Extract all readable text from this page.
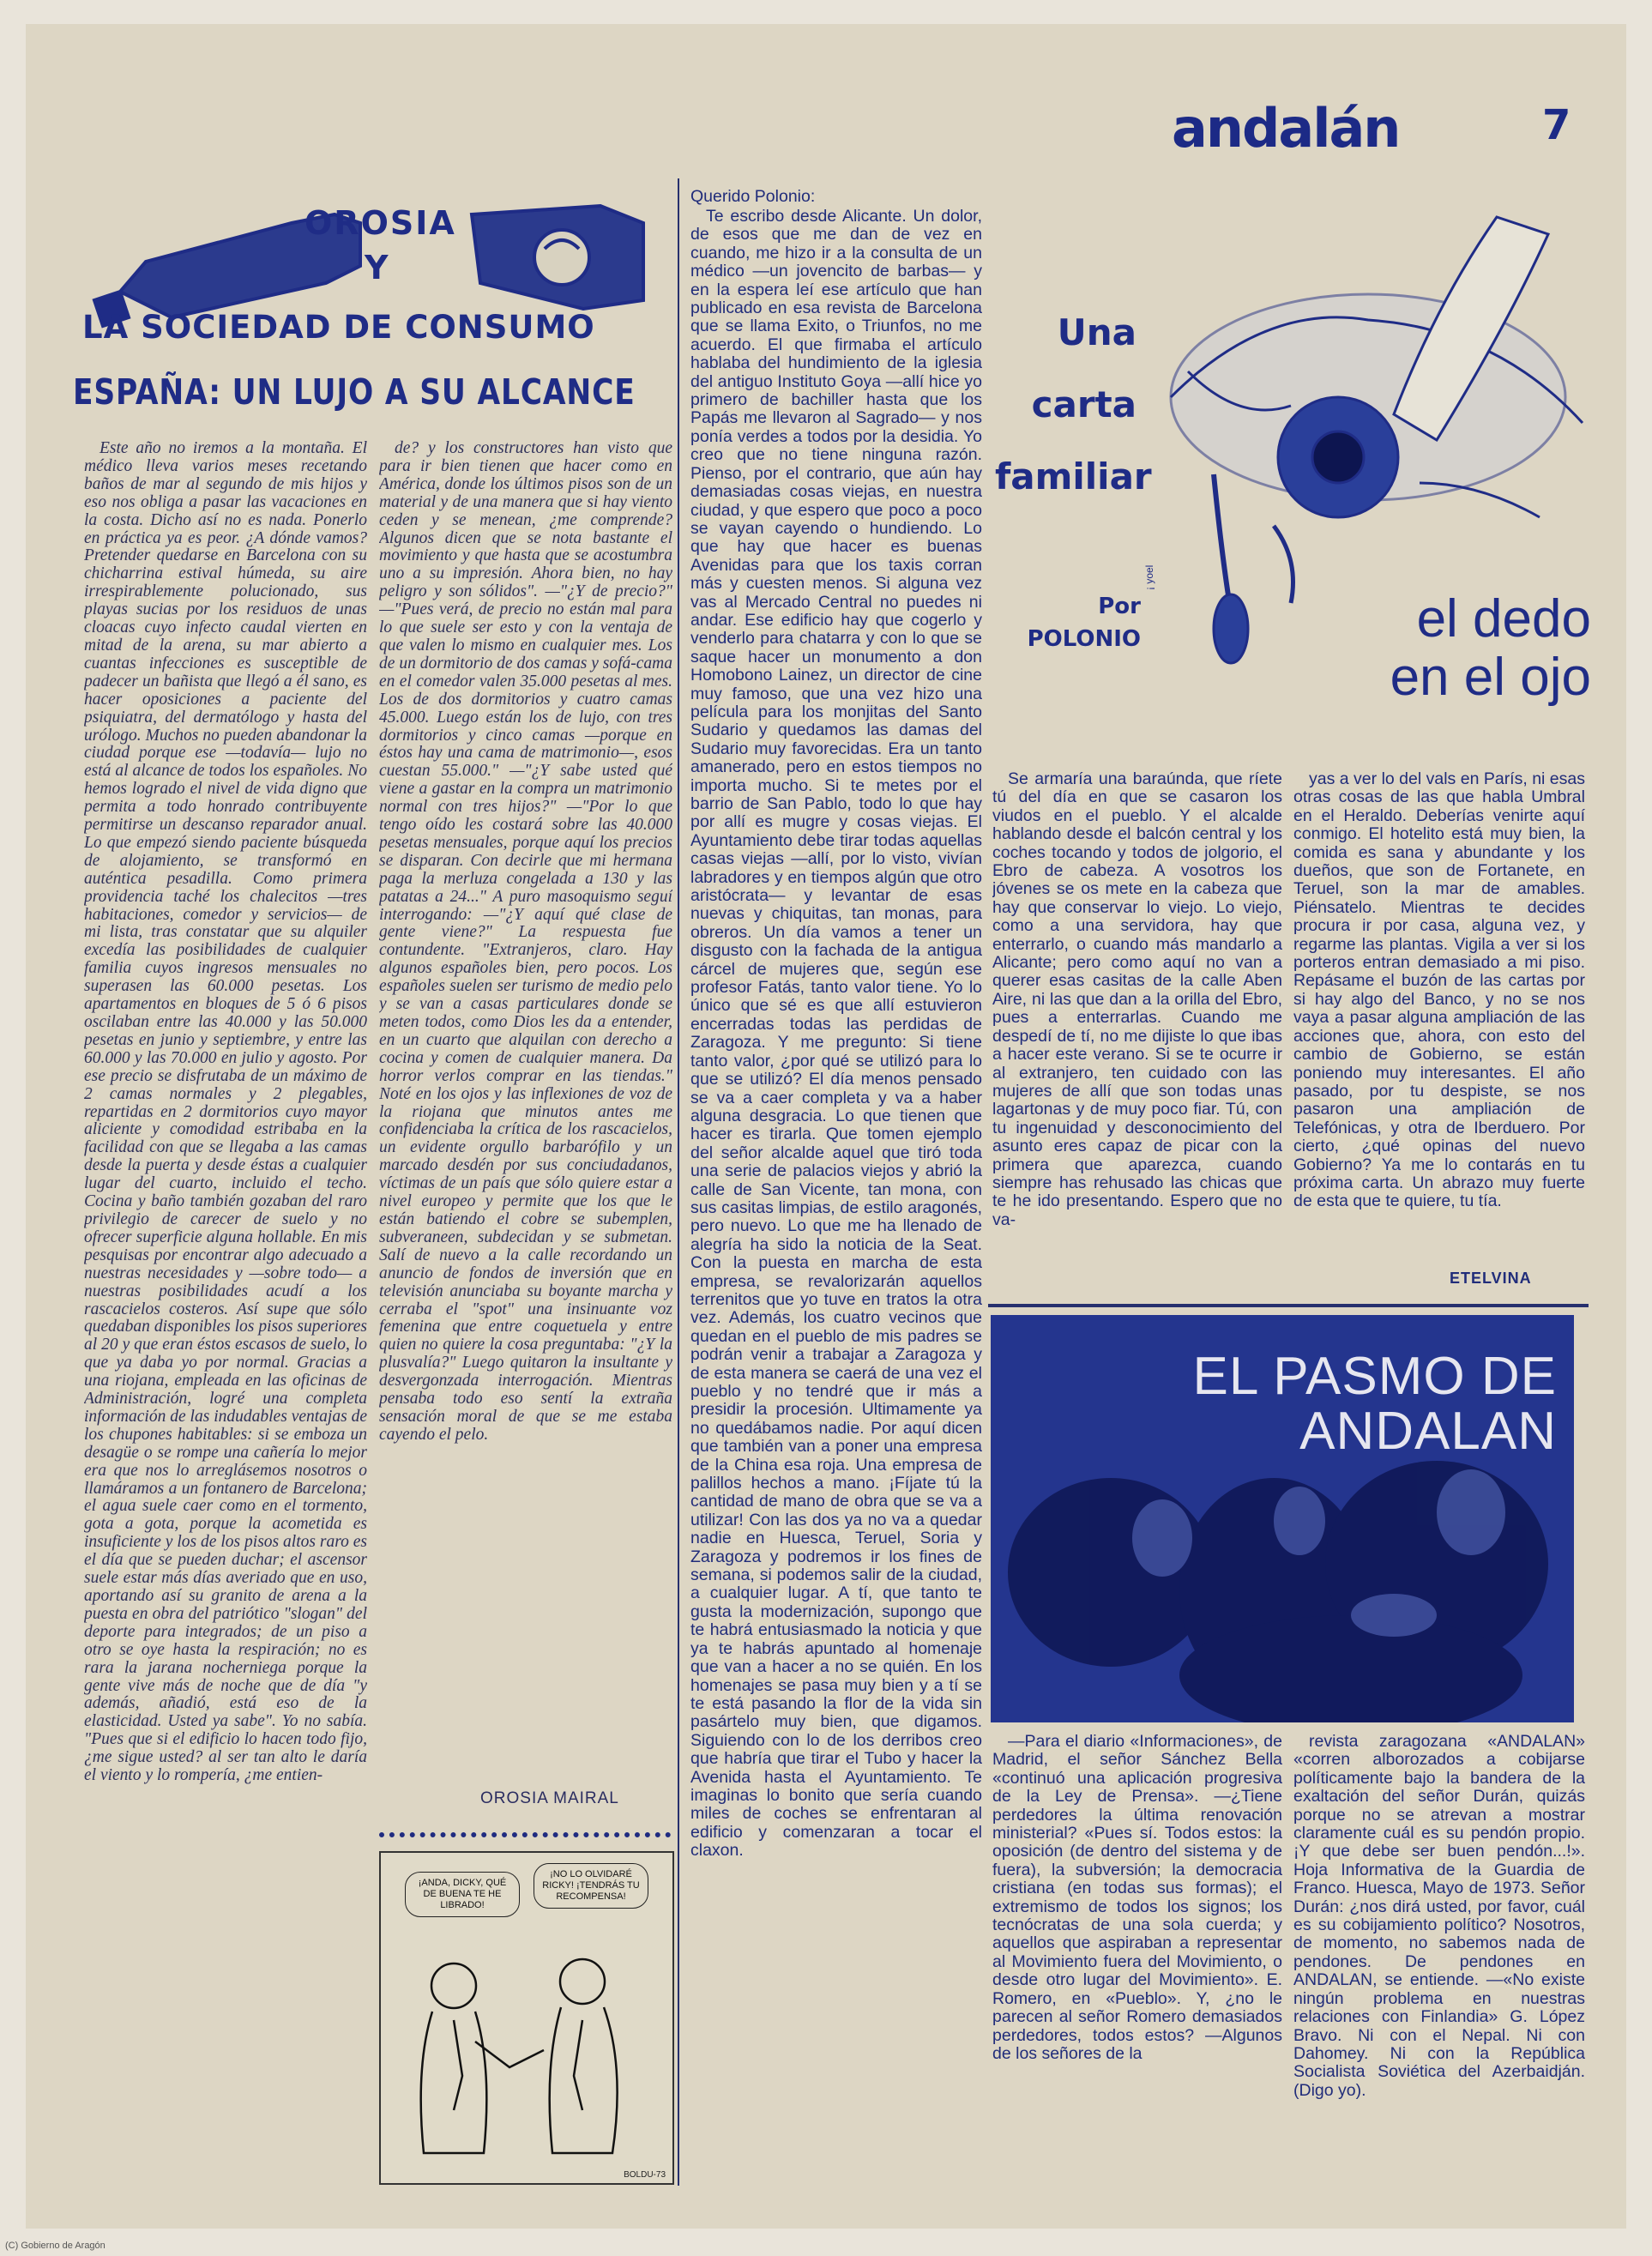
andalán	7
OROSIA
Y
LA SOCIEDAD DE CONSUMO
ESPAÑA: UN LUJO A SU ALCANCE

Este año no iremos a la montaña. El médico lleva varios meses recetando baños de mar al segundo de mis hijos y eso nos obliga a pasar las vacaciones en la costa. Dicho así no es nada. Ponerlo en práctica ya es peor. ¿A dónde vamos? Pretender quedarse en Barcelona con su chicharrina estival húmeda, su aire irrespirablemente polucionado, sus playas sucias por los residuos de unas cloacas cuyo infecto caudal vierten en mitad de la arena, su mar abierto a cuantas infecciones es susceptible de padecer un bañista que llegó a él sano, es hacer oposiciones a paciente del psiquiatra, del dermatólogo y hasta del urólogo. Muchos no pueden abandonar la ciudad porque ese —todavía— lujo no está al alcance de todos los españoles. No hemos logrado el nivel de vida digno que permita a todo honrado contribuyente permitirse un descanso reparador anual. Lo que empezó siendo paciente búsqueda de alojamiento, se transformó en auténtica pesadilla. Como primera providencia taché los chalecitos —tres habitaciones, comedor y servicios— de mi lista, tras constatar que su alquiler excedía las posibilidades de cualquier familia cuyos ingresos mensuales no superasen las 60.000 pesetas. Los apartamentos en bloques de 5 ó 6 pisos oscilaban entre las 40.000 y las 50.000 pesetas en junio y septiembre, y entre las 60.000 y las 70.000 en julio y agosto. Por ese precio se disfrutaba de un máximo de 2 camas normales y 2 plegables, repartidas en 2 dormitorios cuyo mayor aliciente y comodidad estribaba en la facilidad con que se llegaba a las camas desde la puerta y desde éstas a cualquier lugar del cuarto, incluido el techo. Cocina y baño también gozaban del raro privilegio de carecer de suelo y no ofrecer superficie alguna hollable. En mis pesquisas por encontrar algo adecuado a nuestras necesidades y —sobre todo— a nuestras posibilidades acudí a los rascacielos costeros. Así supe que sólo quedaban disponibles los pisos superiores al 20 y que eran éstos escasos de suelo, lo que ya daba yo por normal. Gracias a una riojana, empleada en las oficinas de Administración, logré una completa información de las indudables ventajas de los chupones habitables: si se emboza un desagüe o se rompe una cañería lo mejor era que nos lo arreglásemos nosotros o llamáramos a un fontanero de Barcelona; el agua suele caer como en el tormento, gota a gota, porque la acometida es insuficiente y los de los pisos altos raro es el día que se pueden duchar; el ascensor suele estar más días averiado que en uso, aportando así su granito de arena a la puesta en obra del patriótico "slogan" del deporte para integrados; de un piso a otro se oye hasta la respiración; no es rara la jarana nocherniega porque la gente vive más de noche que de día "y además, añadió, está eso de la elasticidad. Usted ya sabe". Yo no sabía. "Pues que si el edificio lo hacen todo fijo, ¿me sigue usted? al ser tan alto le daría el viento y lo rompería, ¿me entien-

de? y los constructores han visto que para ir bien tienen que hacer como en América, donde los últimos pisos son de un material y de una manera que si hay viento ceden y se menean, ¿me comprende? Algunos dicen que se nota bastante el movimiento y que hasta que se acostumbra uno a su impresión. Ahora bien, no hay peligro y son sólidos". —"¿Y de precio?" —"Pues verá, de precio no están mal para lo que suele ser esto y con la ventaja de que valen lo mismo en cualquier mes. Los de un dormitorio de dos camas y sofá-cama en el comedor valen 35.000 pesetas al mes. Los de dos dormitorios y cuatro camas 45.000. Luego están los de lujo, con tres dormitorios y cinco camas —porque en éstos hay una cama de matrimonio—, esos cuestan 55.000." —"¿Y sabe usted qué viene a gastar en la compra un matrimonio normal con tres hijos?" —"Por lo que tengo oído les costará sobre las 40.000 pesetas mensuales, porque aquí los precios se disparan. Con decirle que mi hermana paga la merluza congelada a 130 y las patatas a 24..." A puro masoquismo seguí interrogando: —"¿Y aquí qué clase de gente viene?" La respuesta fue contundente. "Extranjeros, claro. Hay algunos españoles bien, pero pocos. Los españoles suelen ser turismo de medio pelo y se van a casas particulares donde se meten todos, como Dios les da a entender, en un cuarto que alquilan con derecho a cocina y comen de cualquier manera. Da horror verlos comprar en las tiendas." Noté en los ojos y las inflexiones de voz de la riojana que minutos antes me confidenciaba la crítica de los rascacielos, un evidente orgullo barbarófilo y un marcado desdén por sus conciudadanos, víctimas de un país que sólo quiere estar a nivel europeo y permite que los que le están batiendo el cobre se subemplen, subveraneen, subdecidan y se submetan. Salí de nuevo a la calle recordando un anuncio de fondos de inversión que en televisión anunciaba su boyante marcha y cerraba el "spot" una insinuante voz femenina que entre coquetuela y entre quien no quiere la cosa preguntaba: "¿Y la plusvalía?" Luego quitaron la insultante y desvergonzada interrogación. Mientras pensaba todo eso sentí la extraña sensación moral de que se me estaba cayendo el pelo.

OROSIA MAIRAL
¡ANDA, DICKY, QUÉ DE BUENA TE HE LIBRADO!
¡NO LO OLVIDARÉ RICKY! ¡TENDRÁS TU RECOMPENSA!
BOLDU-73
Querido Polonio:

Te escribo desde Alicante. Un dolor, de esos que me dan de vez en cuando, me hizo ir a la consulta de un médico —un jovencito de barbas— y en la espera leí ese artículo que han publicado en esa revista de Barcelona que se llama Exito, o Triunfos, no me acuerdo. El que firmaba el artículo hablaba del hundimiento de la iglesia del antiguo Instituto Goya —allí hice yo primero de bachiller hasta que los Papás me llevaron al Sagrado— y nos ponía verdes a todos por la desidia. Yo creo que no tiene ninguna razón. Pienso, por el contrario, que aún hay demasiadas cosas viejas, en nuestra ciudad, y que espero que poco a poco se vayan cayendo o hundiendo. Lo que hay que hacer es buenas Avenidas para que los taxis corran más y cuesten menos. Si alguna vez vas al Mercado Central no puedes ni andar. Ese edificio hay que cogerlo y venderlo para chatarra y con lo que se saque hacer un monumento a don Homobono Lainez, un director de cine muy famoso, que una vez hizo una película para los monjitas del Santo Sudario y quedamos las damas del Sudario muy favorecidas. Era un tanto amanerado, pero en estos tiempos no importa mucho. Si te metes por el barrio de San Pablo, todo lo que hay por allí es mugre y cosas viejas. El Ayuntamiento debe tirar todas aquellas casas viejas —allí, por lo visto, vivían labradores y en tiempos algún que otro aristócrata— y levantar de esas nuevas y chiquitas, tan monas, para obreros. Un día vamos a tener un disgusto con la fachada de la antigua cárcel de mujeres que, según ese profesor Fatás, tanto valor tiene. Yo lo único que sé es que allí estuvieron encerradas todas las perdidas de Zaragoza. Y me pregunto: Si tiene tanto valor, ¿por qué se utilizó para lo que se utilizó? El día menos pensado se va a caer completa y va a haber alguna desgracia. Lo que tienen que hacer es tirarla. Que tomen ejemplo del señor alcalde aquel que tiró toda una serie de palacios viejos y abrió la calle de San Vicente, tan mona, con sus casitas limpias, de estilo aragonés, pero nuevo. Lo que me ha llenado de alegría ha sido la noticia de la Seat. Con la puesta en marcha de esta empresa, se revalorizarán aquellos terrenitos que yo tuve en tratos la otra vez. Además, los cuatro vecinos que quedan en el pueblo de mis padres se podrán venir a trabajar a Zaragoza y de esta manera se caerá de una vez el pueblo y no tendré que ir más a presidir la procesión. Ultimamente ya no quedábamos nadie. Por aquí dicen que también van a poner una empresa de la China esa roja. Una empresa de palillos hechos a mano. ¡Fíjate tú la cantidad de mano de obra que se va a utilizar! Con las dos ya no va a quedar nadie en Huesca, Teruel, Soria y Zaragoza y podremos ir los fines de semana, si podemos salir de la ciudad, a cualquier lugar. A tí, que tanto te gusta la modernización, supongo que te habrá entusiasmado la noticia y que ya te habrás apuntado al homenaje que van a hacer a no se quién. En los homenajes se pasa muy bien y a tí se te está pasando la flor de la vida sin pasártelo muy bien, que digamos. Siguiendo con lo de los derribos creo que habría que tirar el Tubo y hacer la Avenida hasta el Ayuntamiento. Te imaginas lo bonito que sería cuando miles de coches se enfrentaran al edificio y comenzaran a tocar el claxon.

Una
carta
familiar
Por
POLONIO
¡ yoel
el dedo
en el ojo

Se armaría una baraúnda, que ríete tú del día en que se casaron los viudos en el pueblo. Y el alcalde hablando desde el balcón central y los coches tocando y todos de jolgorio, el Ebro de cabeza. A vosotros los jóvenes se os mete en la cabeza que hay que conservar lo viejo. Lo viejo, como a una servidora, hay que enterrarlo, o cuando más mandarlo a Alicante; pero como aquí no van a querer esas casitas de la calle Aben Aire, ni las que dan a la orilla del Ebro, pues a enterrarlas. Cuando me despedí de tí, no me dijiste lo que ibas a hacer este verano. Si se te ocurre ir al extranjero, ten cuidado con las mujeres de allí que son todas unas lagartonas y de muy poco fiar. Tú, con tu ingenuidad y desconocimiento del asunto eres capaz de picar con la primera que aparezca, cuando siempre has rehusado las chicas que te he ido presentando. Espero que no va-

yas a ver lo del vals en París, ni esas otras cosas de las que habla Umbral en el Heraldo. Deberías venirte aquí conmigo. El hotelito está muy bien, la comida es sana y abundante y los dueños, que son de Fortanete, en Teruel, son la mar de amables. Piénsatelo. Mientras te decides procura ir por casa, alguna vez, y regarme las plantas. Vigila a ver si los porteros entran demasiado a mi piso. Repásame el buzón de las cartas por si hay algo del Banco, y no se nos vaya a pasar alguna ampliación de las acciones que, ahora, con esto del cambio de Gobierno, se están poniendo muy interesantes. El año pasado, por tu despiste, se nos pasaron una ampliación de Telefónicas, y otra de Iberduero. Por cierto, ¿qué opinas del nuevo Gobierno? Ya me lo contarás en tu próxima carta. Un abrazo muy fuerte de esta que te quiere, tu tía.

ETELVINA
EL PASMO DE
ANDALAN

—Para el diario «Informaciones», de Madrid, el señor Sánchez Bella «continuó una aplicación progresiva de la Ley de Prensa». —¿Tiene perdedores la última renovación ministerial? «Pues sí. Todos estos: la oposición (de dentro del sistema y de fuera), la subversión; la democracia cristiana (en todas sus formas); el extremismo de todos los signos; los tecnócratas de una sola cuerda; y aquellos que aspiraban a representar al Movimiento fuera del Movimiento, o desde otro lugar del Movimiento». E. Romero, en «Pueblo». Y, ¿no le parecen al señor Romero demasiados perdedores, todos estos? —Algunos de los señores de la

revista zaragozana «ANDALAN» «corren alborozados a cobijarse políticamente bajo la bandera de la exaltación del señor Durán, quizás porque no se atrevan a mostrar claramente cuál es su pendón propio. ¡Y que debe ser buen pendón...!». Hoja Informativa de la Guardia de Franco. Huesca, Mayo de 1973. Señor Durán: ¿nos dirá usted, por favor, cuál es su cobijamiento político? Nosotros, de momento, no sabemos nada de pendones. De pendones en ANDALAN, se entiende. —«No existe ningún problema en nuestras relaciones con Finlandia» G. López Bravo. Ni con el Nepal. Ni con Dahomey. Ni con la República Socialista Soviética del Azerbaidján. (Digo yo).

(C) Gobierno de Aragón
